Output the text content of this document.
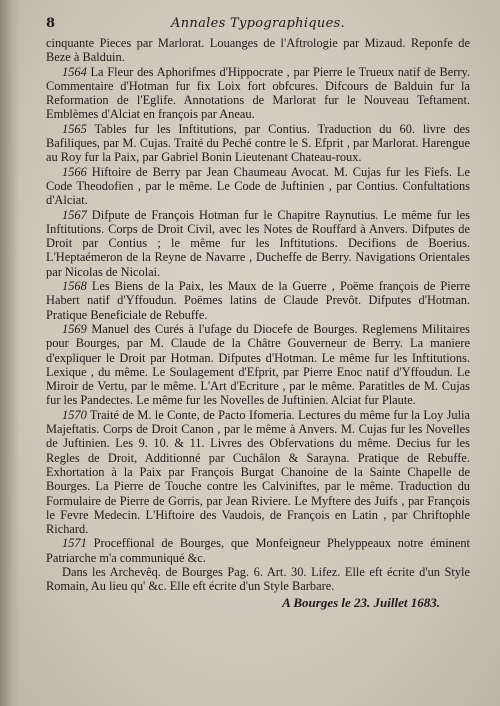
8	Annales Typographiques.

cinquante Pieces par Marlorat. Louanges de l'Aftrologie par Mizaud. Reponfe de Beze à Balduin.

1564 La Fleur des Aphorifmes d'Hippocrate , par Pierre le Trueux natif de Berry. Commentaire d'Hotman fur fix Loix fort obfcures. Difcours de Balduin fur la Reformation de l'Eglife. Annotations de Marlorat fur le Nouveau Teftament. Emblèmes d'Alciat en françois par Aneau.

1565 Tables fur les Inftitutions, par Contius. Traduction du 60. livre des Bafiliques, par M. Cujas. Traité du Peché contre le S. Efprit , par Marlorat. Harengue au Roy fur la Paix, par Gabriel Bonin Lieutenant Chateau-roux.

1566 Hiftoire de Berry par Jean Chaumeau Avocat. M. Cujas fur les Fiefs. Le Code Theodofien , par le même. Le Code de Juftinien , par Contius. Confultations d'Alciat.

1567 Difpute de François Hotman fur le Chapitre Raynutius. Le même fur les Inftitutions. Corps de Droit Civil, avec les Notes de Rouffard à Anvers. Difputes de Droit par Contius ; le même fur les Inftitutions. Decifions de Boerius. L'Heptaémeron de la Reyne de Navarre , Ducheffe de Berry. Navigations Orientales par Nicolas de Nicolai.

1568 Les Biens de la Paix, les Maux de la Guerre , Poëme françois de Pierre Habert natif d'Yffoudun. Poëmes latins de Claude Prevôt. Difputes d'Hotman. Pratique Beneficiale de Rebuffe.

1569 Manuel des Curés à l'ufage du Diocefe de Bourges. Reglemens Militaires pour Bourges, par M. Claude de la Châtre Gouverneur de Berry. La maniere d'expliquer le Droit par Hotman. Difputes d'Hotman. Le même fur les Inftitutions. Lexique , du même. Le Soulagement d'Efprit, par Pierre Enoc natif d'Yffoudun. Le Miroir de Vertu, par le même. L'Art d'Ecriture , par le même. Paratitles de M. Cujas fur les Pandectes. Le même fur les Novelles de Juftinien. Alciat fur Plaute.

1570 Traité de M. le Conte, de Pacto Ifomeria. Lectures du même fur la Loy Julia Majeftatis. Corps de Droit Canon , par le même à Anvers. M. Cujas fur les Novelles de Juftinien. Les 9. 10. & 11. Livres des Obfervations du même. Decius fur les Regles de Droit, Additionné par Cuchâlon & Sarayna. Pratique de Rebuffe. Exhortation à la Paix par François Burgat Chanoine de la Sainte Chapelle de Bourges. La Pierre de Touche contre les Calviniftes, par le même. Traduction du Formulaire de Pierre de Gorris, par Jean Riviere. Le Myftere des Juifs , par François le Fevre Medecin. L'Hiftoire des Vaudois, de François en Latin , par Chriftophle Richard.

1571 Proceffional de Bourges, que Monfeigneur Phelyppeaux notre éminent Patriarche m'a communiqué &c.

Dans les Archevêq. de Bourges Pag. 6. Art. 30. Lifez. Elle eft écrite d'un Style Romain, Au lieu qu' &c. Elle eft écrite d'un Style Barbare.

A Bourges le 23. Juillet 1683.
